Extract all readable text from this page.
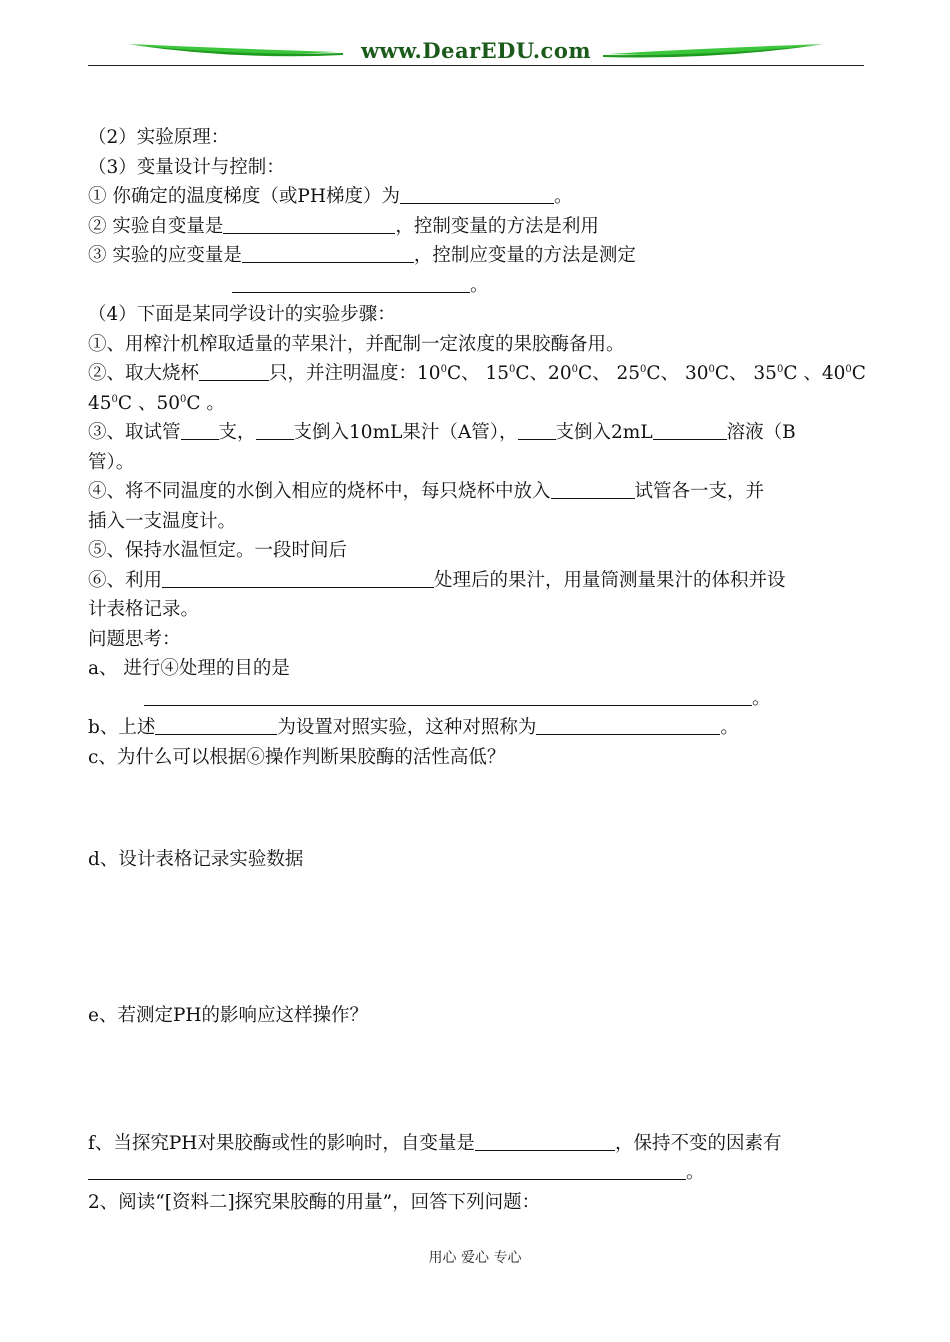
www.DearEDU.com
（2）实验原理：
（3）变量设计与控制：
① 你确定的温度梯度（或PH梯度）为	。
② 实验自变量是	，控制变量的方法是利用
③ 实验的应变量是	，控制应变量的方法是测定
。
（4）下面是某同学设计的实验步骤：
①、用榨汁机榨取适量的苹果汁，并配制一定浓度的果胶酶备用。
②、取大烧杯	只，并注明温度：$10^0C$、 $15^0C$、$20^0C$、 $25^0C$、 $30^0C$、 $35^0C$ 、$40^0C$
$45^0C$ 、$50^0C$ 。
③、取试管 支， 支倒入10mL果汁（A管）， 支倒入2mL	溶液（B
管）。
④、将不同温度的水倒入相应的烧杯中，每只烧杯中放入	试管各一支，并
插入一支温度计。
⑤、保持水温恒定。一段时间后
⑥、利用	处理后的果汁，用量筒测量果汁的体积并设
计表格记录。
问题思考：
a、 进行④处理的目的是
。
b、上述	为设置对照实验，这种对照称为	。
c、为什么可以根据⑥操作判断果胶酶的活性高低？
d、设计表格记录实验数据
e、若测定PH的影响应这样操作？
f、当探究PH对果胶酶或性的影响时，自变量是	，保持不变的因素有
。
2、阅读“[资料二]探究果胶酶的用量”，回答下列问题：
用心 爱心 专心
